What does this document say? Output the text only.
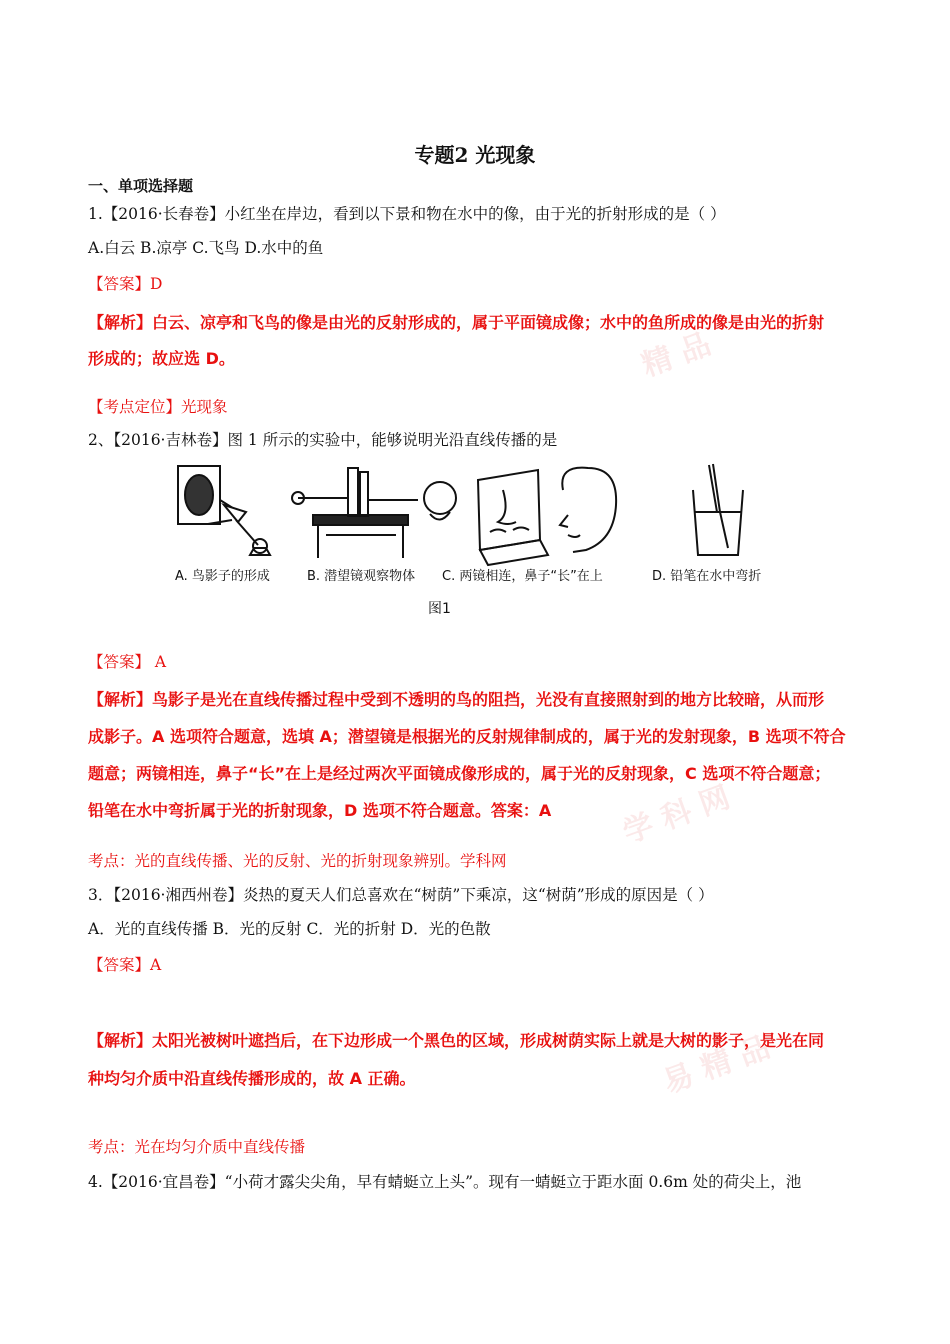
精 品
学 科 网
易 精 品
专题2 光现象
一、单项选择题
1.【2016·长春卷】小红坐在岸边，看到以下景和物在水中的像，由于光的折射形成的是（ ）
A.白云 B.凉亭 C.飞鸟 D.水中的鱼
【答案】D
【解析】白云、凉亭和飞鸟的像是由光的反射形成的，属于平面镜成像；水中的鱼所成的像是由光的折射
形成的；故应选 D。
【考点定位】光现象
2、【2016·吉林卷】图 1 所示的实验中，能够说明光沿直线传播的是
A. 鸟影子的形成	B. 潜望镜观察物体 C. 两镜相连，鼻子“长”在上	D. 铅笔在水中弯折
图1
【答案】 A
【解析】鸟影子是光在直线传播过程中受到不透明的鸟的阻挡，光没有直接照射到的地方比较暗，从而形
成影子。A 选项符合题意，选填 A；潜望镜是根据光的反射规律制成的，属于光的发射现象，B 选项不符合
题意；两镜相连，鼻子“长”在上是经过两次平面镜成像形成的，属于光的反射现象，C 选项不符合题意；
铅笔在水中弯折属于光的折射现象，D 选项不符合题意。答案：A
考点：光的直线传播、光的反射、光的折射现象辨别。学科网
3．【2016·湘西州卷】炎热的夏天人们总喜欢在“树荫”下乘凉，这“树荫”形成的原因是（ ）
A．光的直线传播 B．光的反射 C．光的折射 D．光的色散
【答案】A
【解析】太阳光被树叶遮挡后，在下边形成一个黑色的区域，形成树荫实际上就是大树的影子，是光在同
种均匀介质中沿直线传播形成的，故 A 正确。
考点：光在均匀介质中直线传播
4.【2016·宜昌卷】“小荷才露尖尖角，早有蜻蜓立上头”。现有一蜻蜓立于距水面 0.6m 处的荷尖上，池
